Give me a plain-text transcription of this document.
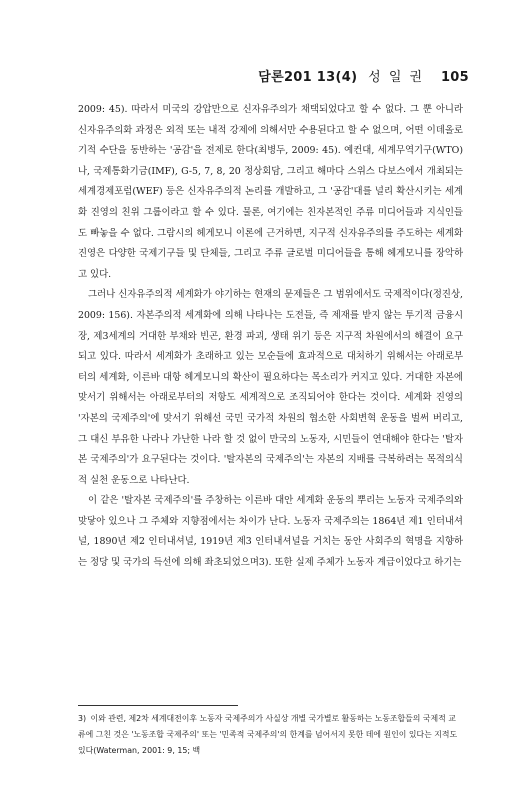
담론201 13(4) 성 일 권 105

2009: 45). 따라서 미국의 강압만으로 신자유주의가 채택되었다고 할 수 없다. 그 뿐 아니라 신자유주의화 과정은 외적 또는 내적 강제에 의해서만 수용된다고 할 수 없으며, 어떤 이데올로기적 수단을 동반하는 '공감'을 전제로 한다(최병두, 2009: 45). 예컨대, 세계무역기구(WTO)나, 국제통화기금(IMF), G-5, 7, 8, 20 정상회담, 그리고 해마다 스위스 다보스에서 개최되는 세계경제포럼(WEF) 등은 신자유주의적 논리를 개발하고, 그 '공감'대를 널리 확산시키는 세계화 진영의 친위 그룹이라고 할 수 있다. 물론, 여기에는 친자본적인 주류 미디어들과 지식인들도 빠놓을 수 없다. 그람시의 헤게모니 이론에 근거하면, 지구적 신자유주의를 주도하는 세계화 진영은 다양한 국제기구들 및 단체들, 그리고 주류 글로벌 미디어들을 통해 헤게모니를 장악하고 있다.

그러나 신자유주의적 세계화가 야기하는 현재의 문제들은 그 범위에서도 국제적이다(정진상, 2009: 156). 자본주의적 세계화에 의해 나타나는 도전들, 즉 제재를 받지 않는 투기적 금융시장, 제3세계의 거대한 부채와 빈곤, 환경 파괴, 생태 위기 등은 지구적 차원에서의 해결이 요구되고 있다. 따라서 세계화가 초래하고 있는 모순들에 효과적으로 대처하기 위해서는 아래로부터의 세계화, 이른바 대항 헤게모니의 확산이 필요하다는 목소리가 커지고 있다. 거대한 자본에 맞서기 위해서는 아래로부터의 저항도 세계적으로 조직되어야 한다는 것이다. 세계화 진영의 '자본의 국제주의'에 맞서기 위해선 국민 국가적 차원의 협소한 사회변혁 운동을 벌써 버리고, 그 대신 부유한 나라나 가난한 나라 할 것 없이 만국의 노동자, 시민들이 연대해야 한다는 '탈자본 국제주의'가 요구된다는 것이다. '탈자본의 국제주의'는 자본의 지배를 극복하려는 목적의식적 실천 운동으로 나타난다.

이 같은 '탈자본 국제주의'를 주창하는 이른바 대안 세계화 운동의 뿌리는 노동자 국제주의와 맞닿아 있으나 그 주체와 지향점에서는 차이가 난다. 노동자 국제주의는 1864년 제1 인터내셔널, 1890년 제2 인터내셔널, 1919년 제3 인터내셔널을 거치는 동안 사회주의 혁명을 지향하는 정당 및 국가의 득선에 의해 좌초되었으며3). 또한 실제 주체가 노동자 계급이었다고 하기는

3) 이와 관련, 제2차 세계대전이후 노동자 국제주의가 사실상 개별 국가별로 활동하는 노동조합들의 국제적 교류에 그친 것은 '노동조합 국제주의' 또는 '민족적 국제주의'의 한계를 넘어서지 못한 데에 원인이 있다는 지적도 있다(Waterman, 2001: 9, 15; 백
